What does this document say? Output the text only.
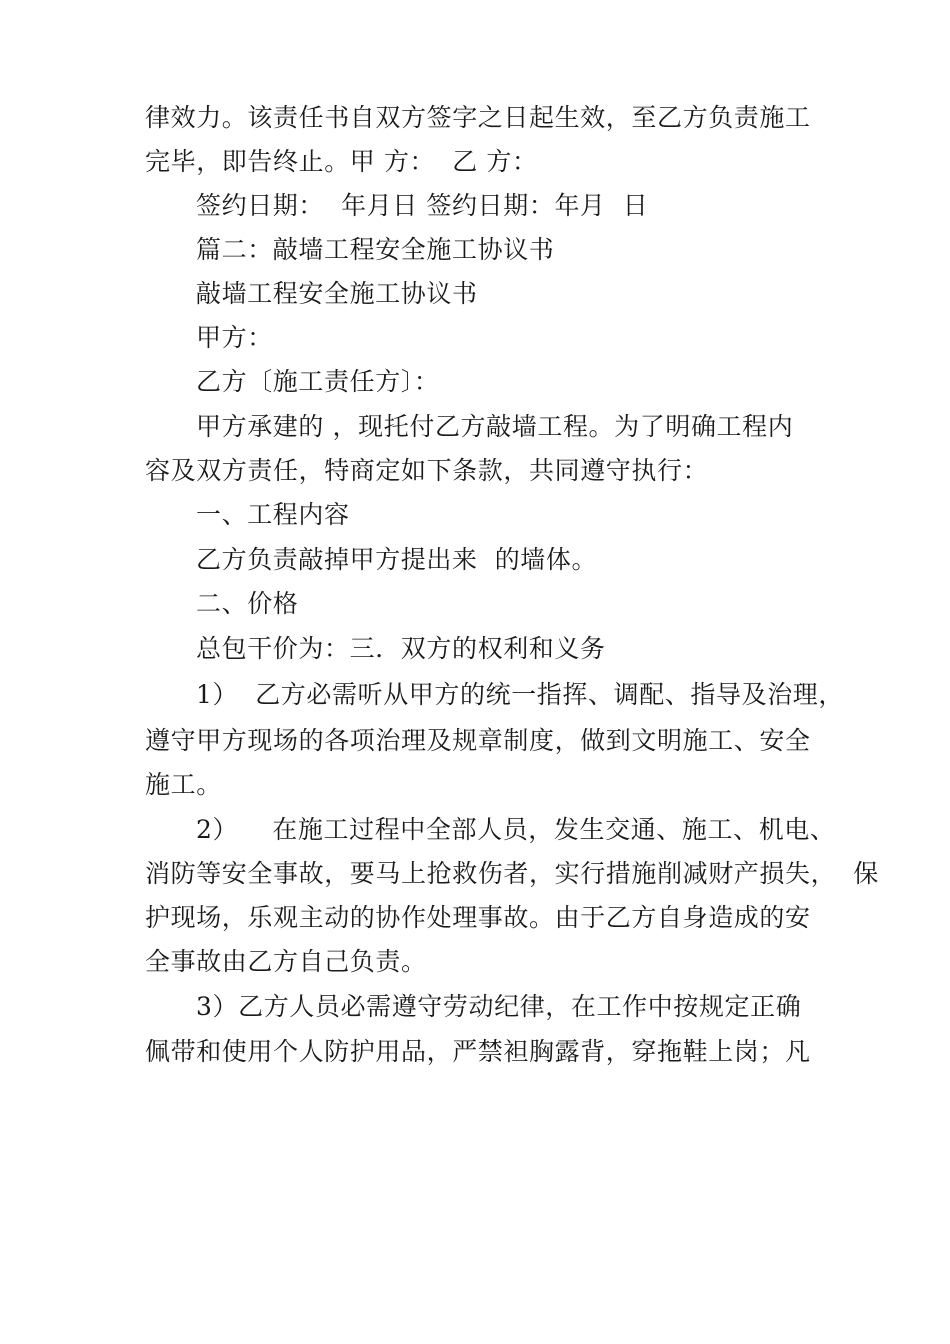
律效力。该责任书自双方签字之日起生效，至乙方负责施工
完毕，即告终止。甲 方：  乙 方：
签约日期：  年月日 签约日期：年月  日
篇二：敲墙工程安全施工协议书
敲墙工程安全施工协议书
甲方：
乙方〔施工责任方〕：
甲方承建的 ，现托付乙方敲墙工程。为了明确工程内
容及双方责任，特商定如下条款，共同遵守执行：
一、工程内容
乙方负责敲掉甲方提出来  的墙体。
二、价格
总包干价为：三．双方的权利和义务
1）  乙方必需听从甲方的统一指挥、调配、指导及治理，
遵守甲方现场的各项治理及规章制度，做到文明施工、安全
施工。
2）    在施工过程中全部人员，发生交通、施工、机电、
消防等安全事故，要马上抢救伤者，实行措施削减财产损失，  保
护现场，乐观主动的协作处理事故。由于乙方自身造成的安
全事故由乙方自己负责。
3）乙方人员必需遵守劳动纪律，在工作中按规定正确
佩带和使用个人防护用品，严禁袒胸露背，穿拖鞋上岗；凡
